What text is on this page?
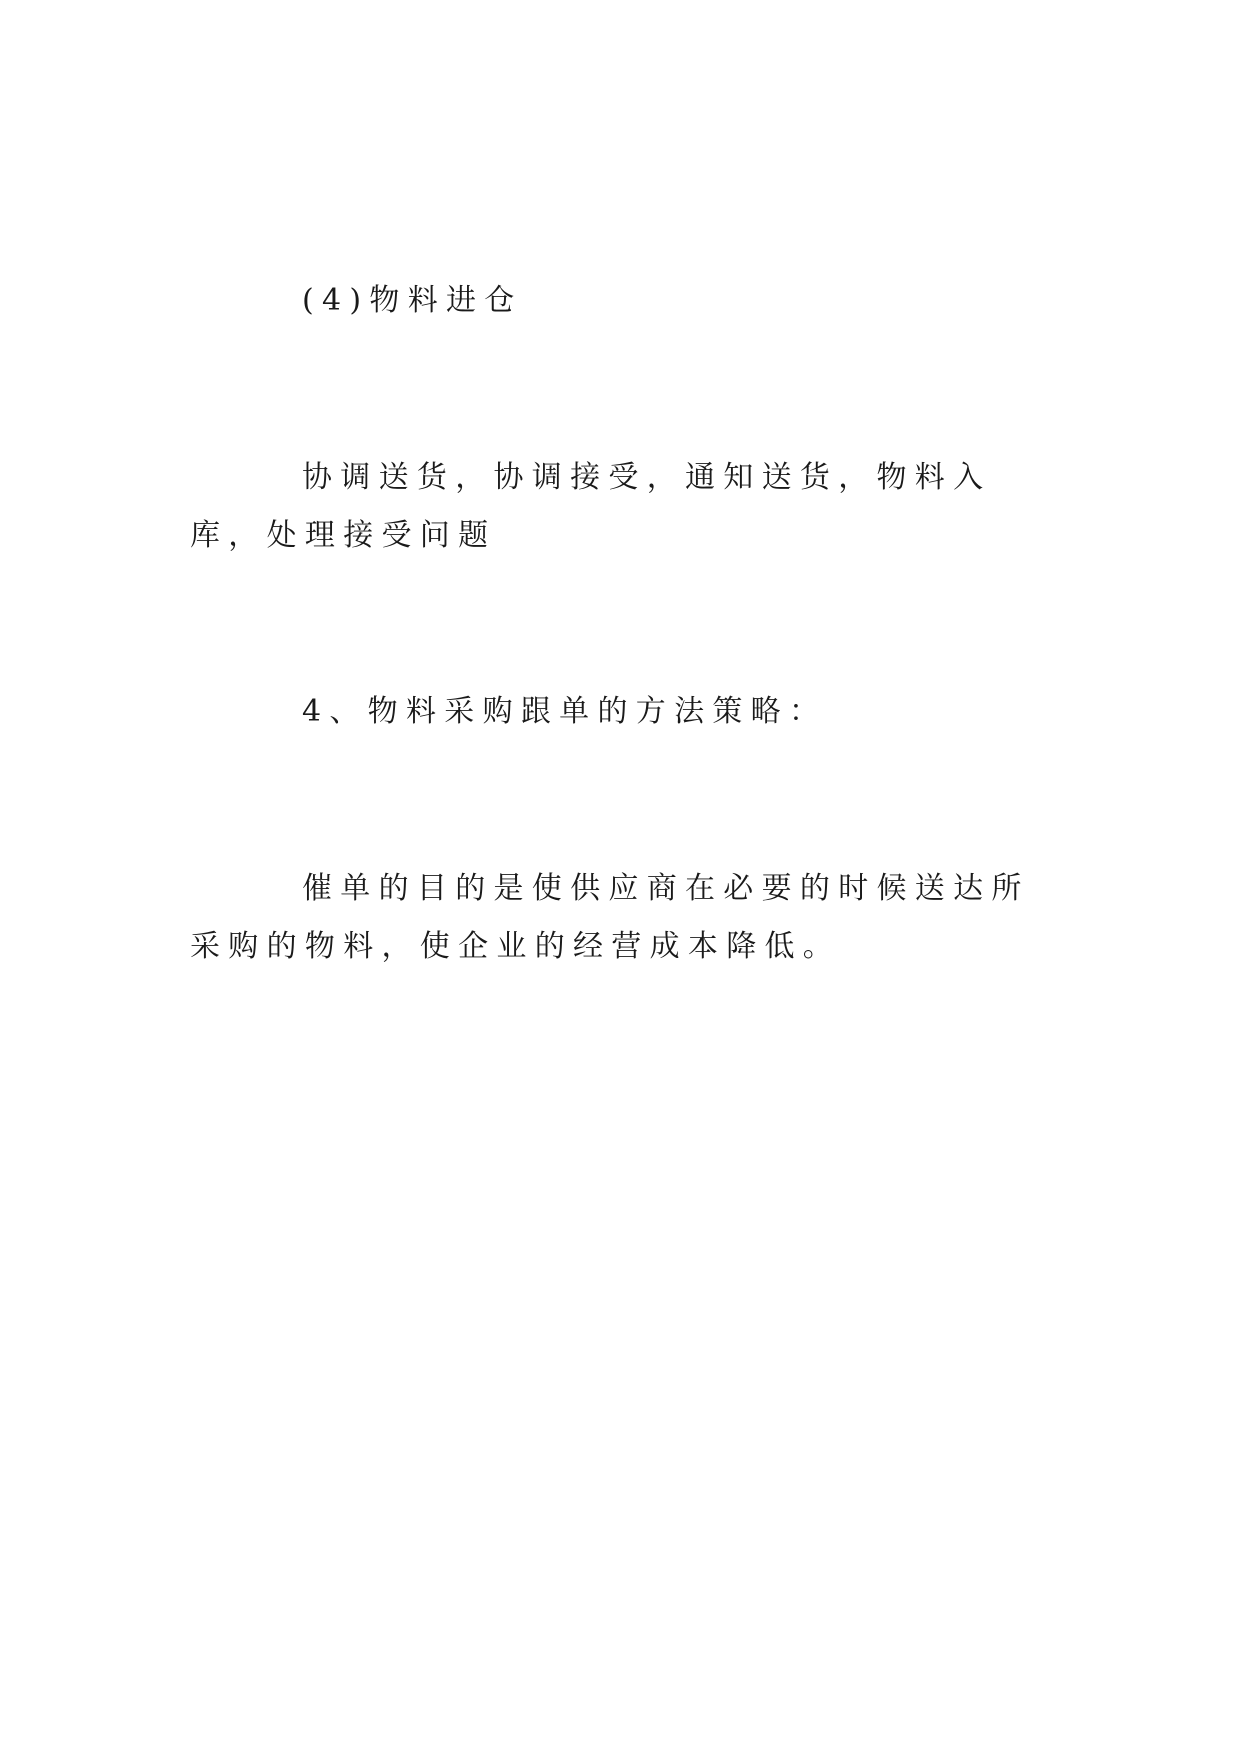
(4)物料进仓

协调送货，协调接受，通知送货，物料入库，处理接受问题

4、物料采购跟单的方法策略：

催单的目的是使供应商在必要的时候送达所采购的物料，使企业的经营成本降低。
